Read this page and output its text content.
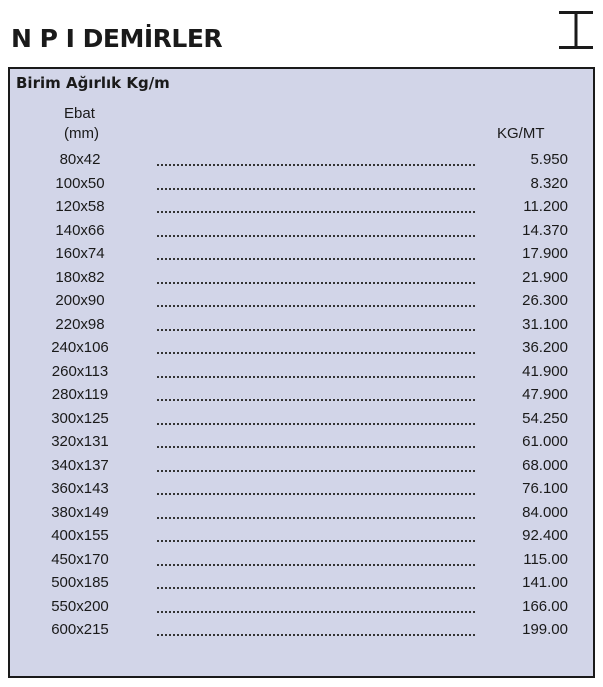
N P I DEMİRLER
Birim Ağırlık Kg/m
Ebat
(mm)	KG/MT
80x42	5.950
100x50	8.320
120x58	11.200
140x66	14.370
160x74	17.900
180x82	21.900
200x90	26.300
220x98	31.100
240x106	36.200
260x113	41.900
280x119	47.900
300x125	54.250
320x131	61.000
340x137	68.000
360x143	76.100
380x149	84.000
400x155	92.400
450x170	115.00
500x185	141.00
550x200	166.00
600x215	199.00
